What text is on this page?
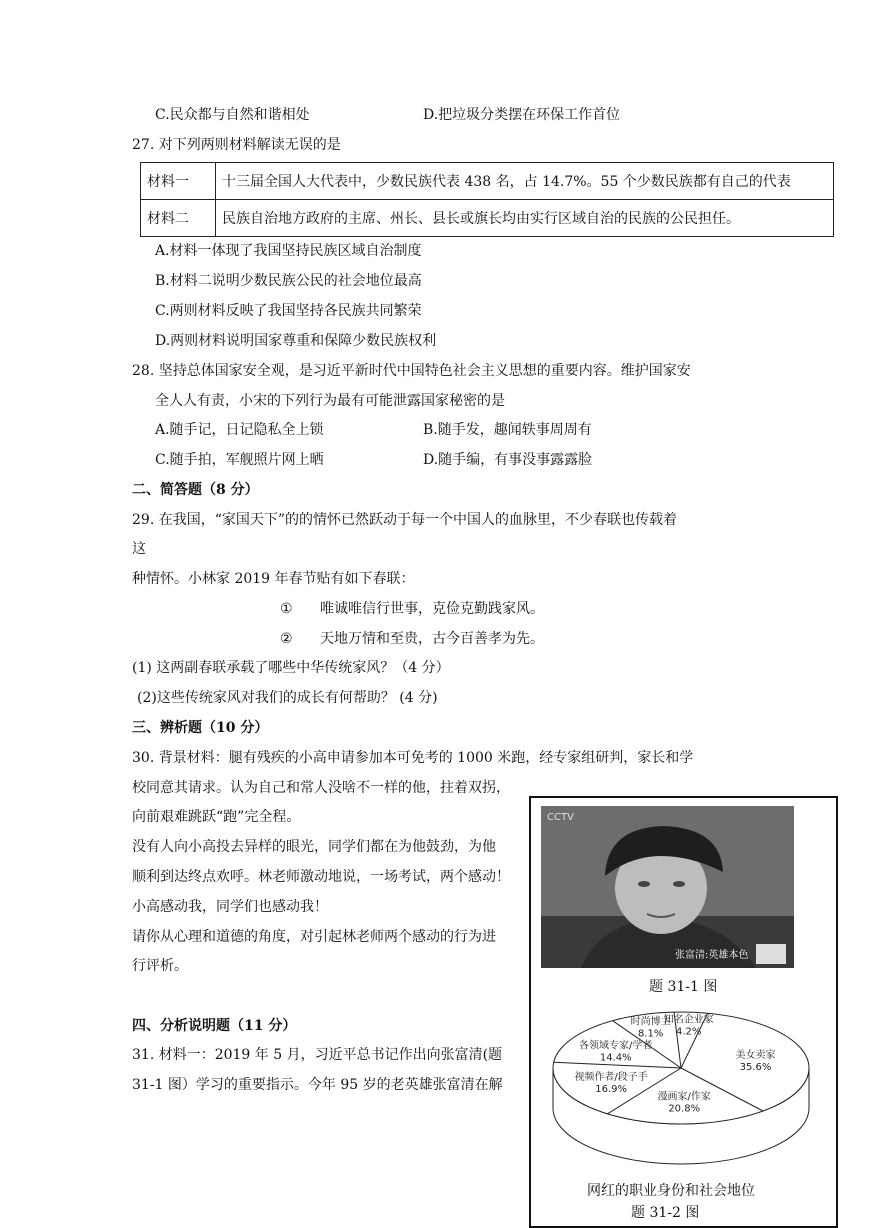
C.民众都与自然和谐相处	D.把垃圾分类摆在环保工作首位
27. 对下列两则材料解读无误的是
材料一	十三届全国人大代表中，少数民族代表 438 名，占 14.7%。55 个少数民族都有自己的代表
材料二	民族自治地方政府的主席、州长、县长或旗长均由实行区域自治的民族的公民担任。
A.材料一体现了我国坚持民族区域自治制度
B.材料二说明少数民族公民的社会地位最高
C.两则材料反映了我国坚持各民族共同繁荣
D.两则材料说明国家尊重和保障少数民族权利
28. 坚持总体国家安全观，是习近平新时代中国特色社会主义思想的重要内容。维护国家安
全人人有责，小宋的下列行为最有可能泄露国家秘密的是
A.随手记，日记隐私全上锁	B.随手发，趣闻轶事周周有
C.随手拍，军舰照片网上晒	D.随手编，有事没事露露脸
二、简答题（8 分）
29. 在我国，“家国天下”的的情怀已然跃动于每一个中国人的血脉里，不少春联也传载着
这
种情怀。小林家 2019 年春节贴有如下春联：
① 唯诚唯信行世事，克俭克勤践家风。
② 天地万情和至贵，古今百善孝为先。
(1) 这两副春联承载了哪些中华传统家风？（4 分）
(2)这些传统家风对我们的成长有何帮助？ (4 分)
三、辨析题（10 分）
30. 背景材料：腿有残疾的小高申请参加本可免考的 1000 米跑，经专家组研判，家长和学
校同意其请求。认为自己和常人没啥不一样的他，拄着双拐，
向前艰难跳跃“跑”完全程。
没有人向小高投去异样的眼光，同学们都在为他鼓劲，为他
顺利到达终点欢呼。林老师激动地说，一场考试，两个感动！
小高感动我，同学们也感动我！
请你从心理和道德的角度，对引起林老师两个感动的行为进
行评析。
四、分析说明题（11 分）
31. 材料一：2019 年 5 月，习近平总书记作出向张富清(题
31-1 图）学习的重要指示。今年 95 岁的老英雄张富清在解
CCTV
张富清:英雄本色
题 31-1 图
美女卖家
35.6%
漫画家/作家
20.8%
视频作者/段子手
16.9%
各领域专家/学者
14.4%
时尚博主
8.1%
知名企业家
4.2%
网红的职业身份和社会地位
题 31-2 图
